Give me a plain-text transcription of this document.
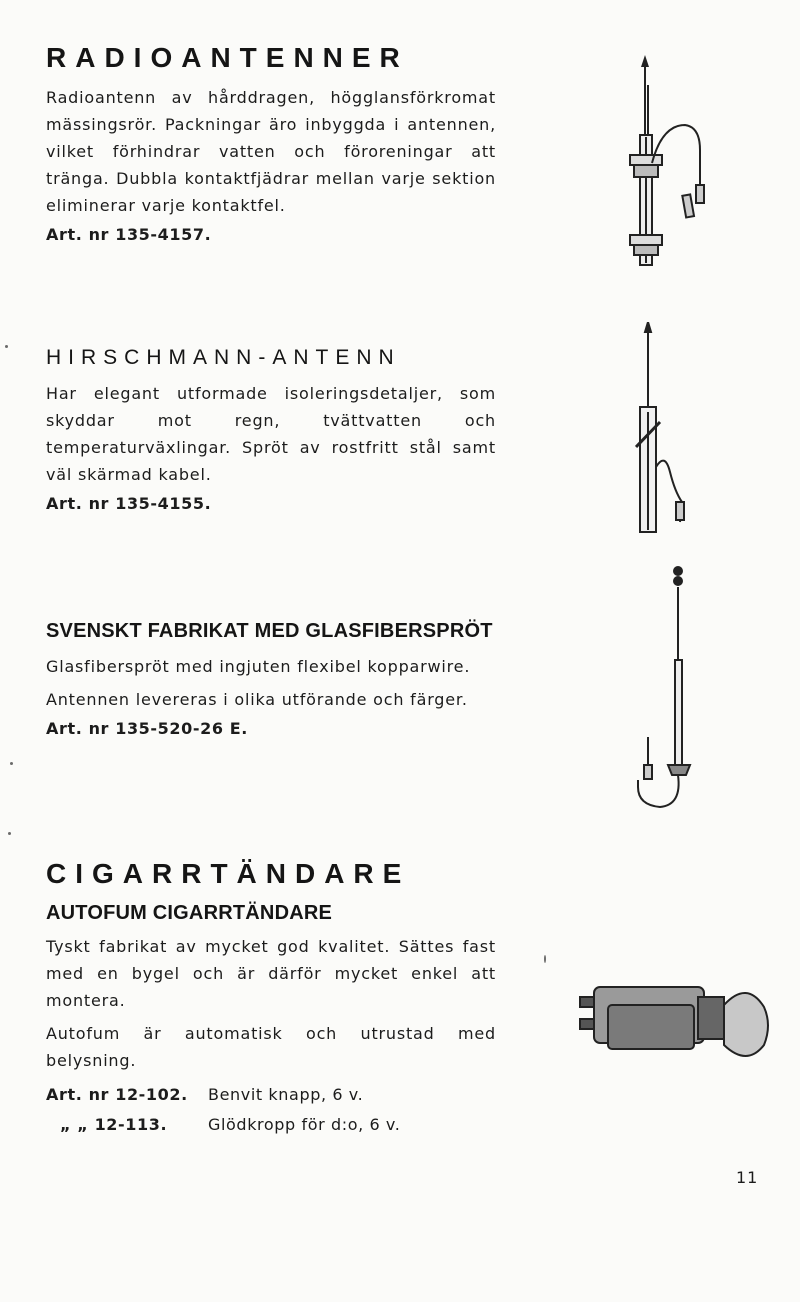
RADIOANTENNER

Radioantenn av hårddragen, högglansförkromat mässingsrör. Packningar äro inbyggda i antennen, vilket förhindrar vatten och föroreningar att tränga. Dubbla kontaktfjädrar mellan varje sektion eliminerar varje kontaktfel.

Art. nr 135-4157.
HIRSCHMANN-ANTENN

Har elegant utformade isoleringsdetaljer, som skyddar mot regn, tvättvatten och temperaturväxlingar. Spröt av rostfritt stål samt väl skärmad kabel.

Art. nr 135-4155.
SVENSKT FABRIKAT MED GLASFIBERSPRÖT

Glasfiberspröt med ingjuten flexibel kopparwire.

Antennen levereras i olika utförande och färger.

Art. nr 135-520-26 E.
CIGARRTÄNDARE
AUTOFUM CIGARRTÄNDARE

Tyskt fabrikat av mycket god kvalitet. Sättes fast med en bygel och är därför mycket enkel att montera.

Autofum är automatisk och utrustad med belysning.

Art. nr 12-102.	Benvit knapp, 6 v.
„ „ 12-113.	Glödkropp för d:o, 6 v.
11
